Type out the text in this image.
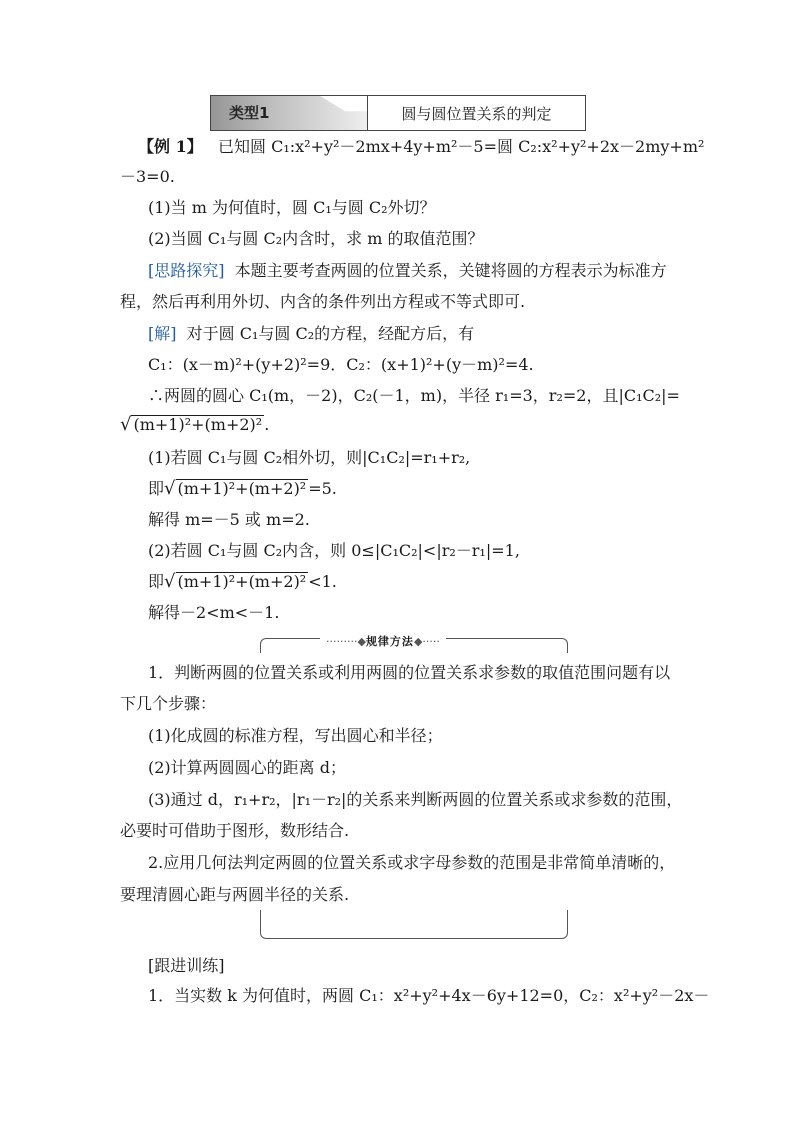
类型1	圆与圆位置关系的判定
【例 1】 已知圆 C₁:x²+y²－2mx+4y+m²－5=圆 C₂:x²+y²+2x－2my+m²
－3=0.
(1)当 m 为何值时，圆 C₁与圆 C₂外切？
(2)当圆 C₁与圆 C₂内含时，求 m 的取值范围？
[思路探究] 本题主要考查两圆的位置关系，关键将圆的方程表示为标准方
程，然后再利用外切、内含的条件列出方程或不等式即可.
[解] 对于圆 C₁与圆 C₂的方程，经配方后，有
C₁：(x－m)²+(y+2)²=9．C₂：(x+1)²+(y－m)²=4.
∴两圆的圆心 C₁(m，－2)，C₂(－1，m)，半径 r₁=3，r₂=2，且|C₁C₂|=
√ (m+1)²+(m+2)² .
(1)若圆 C₁与圆 C₂相外切，则|C₁C₂|=r₁+r₂,
即√ (m+1)²+(m+2)² =5.
解得 m=－5 或 m=2.
(2)若圆 C₁与圆 C₂内含，则 0≤|C₁C₂|<|r₂－r₁|=1,
即√ (m+1)²+(m+2)² <1.
解得－2<m<－1.
·········◆规律方法◆·····
1．判断两圆的位置关系或利用两圆的位置关系求参数的取值范围问题有以
下几个步骤：
(1)化成圆的标准方程，写出圆心和半径；
(2)计算两圆圆心的距离 d；
(3)通过 d，r₁+r₂，|r₁－r₂|的关系来判断两圆的位置关系或求参数的范围，
必要时可借助于图形，数形结合.
2.应用几何法判定两圆的位置关系或求字母参数的范围是非常简单清晰的，
要理清圆心距与两圆半径的关系.
[跟进训练]
1．当实数 k 为何值时，两圆 C₁：x²+y²+4x－6y+12=0，C₂：x²+y²－2x－
